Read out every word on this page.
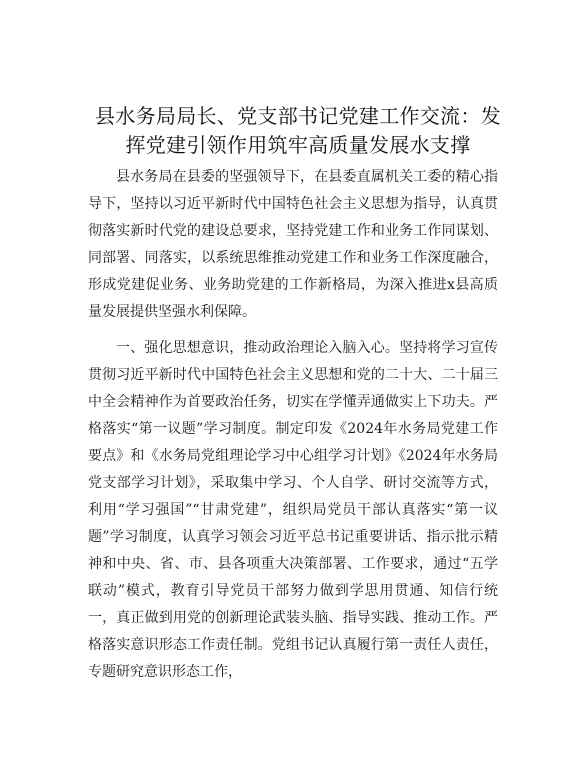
县水务局局长、党支部书记党建工作交流：发挥党建引领作用筑牢高质量发展水支撑

县水务局在县委的坚强领导下，在县委直属机关工委的精心指导下，坚持以习近平新时代中国特色社会主义思想为指导，认真贯彻落实新时代党的建设总要求，坚持党建工作和业务工作同谋划、同部署、同落实，以系统思维推动党建工作和业务工作深度融合，形成党建促业务、业务助党建的工作新格局，为深入推进x县高质量发展提供坚强水利保障。

一、强化思想意识，推动政治理论入脑入心。坚持将学习宣传贯彻习近平新时代中国特色社会主义思想和党的二十大、二十届三中全会精神作为首要政治任务，切实在学懂弄通做实上下功夫。严格落实“第一议题”学习制度。制定印发《2024年水务局党建工作要点》和《水务局党组理论学习中心组学习计划》《2024年水务局党支部学习计划》，采取集中学习、个人自学、研讨交流等方式，利用“学习强国”“甘肃党建”，组织局党员干部认真落实“第一议题”学习制度，认真学习领会习近平总书记重要讲话、指示批示精神和中央、省、市、县各项重大决策部署、工作要求，通过“五学联动”模式，教育引导党员干部努力做到学思用贯通、知信行统一，真正做到用党的创新理论武装头脑、指导实践、推动工作。严格落实意识形态工作责任制。党组书记认真履行第一责任人责任，专题研究意识形态工作，
